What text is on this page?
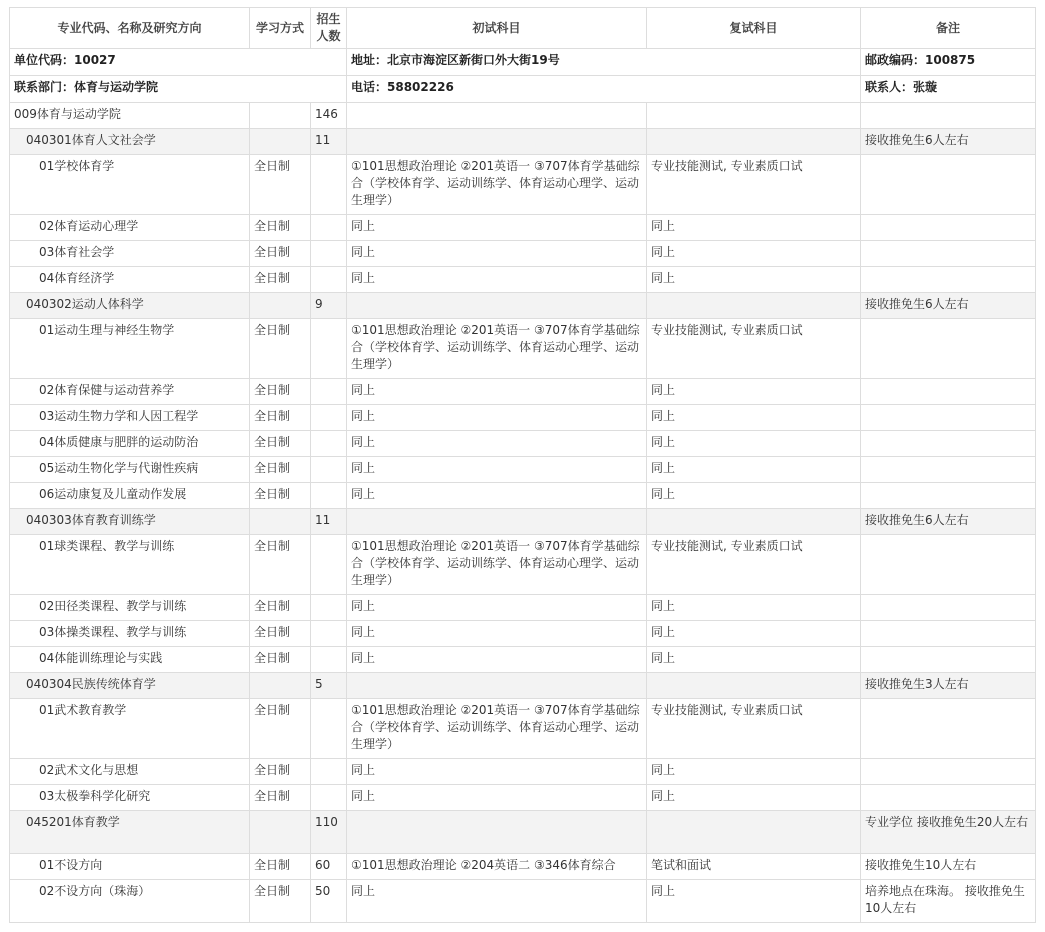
单位代码：10027			地址：北京市海淀区新街口外大街19号		邮政编码：100875
联系部门：体育与运动学院			电话：58802226		联系人：张璇
专业代码、名称及研究方向	学习方式	招生人数	初试科目	复试科目	备注
009体育与运动学院		146			
040301体育人文社会学		11			接收推免生6人左右
01学校体育学	全日制		①101思想政治理论 ②201英语一 ③707体育学基础综合（学校体育学、运动训练学、体育运动心理学、运动生理学）	专业技能测试, 专业素质口试	
02体育运动心理学	全日制		同上	同上	
03体育社会学	全日制		同上	同上	
04体育经济学	全日制		同上	同上	
040302运动人体科学		9			接收推免生6人左右
01运动生理与神经生物学	全日制		①101思想政治理论 ②201英语一 ③707体育学基础综合（学校体育学、运动训练学、体育运动心理学、运动生理学）	专业技能测试, 专业素质口试	
02体育保健与运动营养学	全日制		同上	同上	
03运动生物力学和人因工程学	全日制		同上	同上	
04体质健康与肥胖的运动防治	全日制		同上	同上	
05运动生物化学与代谢性疾病	全日制		同上	同上	
06运动康复及儿童动作发展	全日制		同上	同上	
040303体育教育训练学		11			接收推免生6人左右
01球类课程、教学与训练	全日制		①101思想政治理论 ②201英语一 ③707体育学基础综合（学校体育学、运动训练学、体育运动心理学、运动生理学）	专业技能测试, 专业素质口试	
02田径类课程、教学与训练	全日制		同上	同上	
03体操类课程、教学与训练	全日制		同上	同上	
04体能训练理论与实践	全日制		同上	同上	
040304民族传统体育学		5			接收推免生3人左右
01武术教育教学	全日制		①101思想政治理论 ②201英语一 ③707体育学基础综合（学校体育学、运动训练学、体育运动心理学、运动生理学）	专业技能测试, 专业素质口试	
02武术文化与思想	全日制		同上	同上	
03太极拳科学化研究	全日制		同上	同上	
045201体育教学		110			专业学位 接收推免生20人左右
01不设方向	全日制	60	①101思想政治理论 ②204英语二 ③346体育综合	笔试和面试	接收推免生10人左右
02不设方向（珠海）	全日制	50	同上	同上	培养地点在珠海。 接收推免生10人左右
